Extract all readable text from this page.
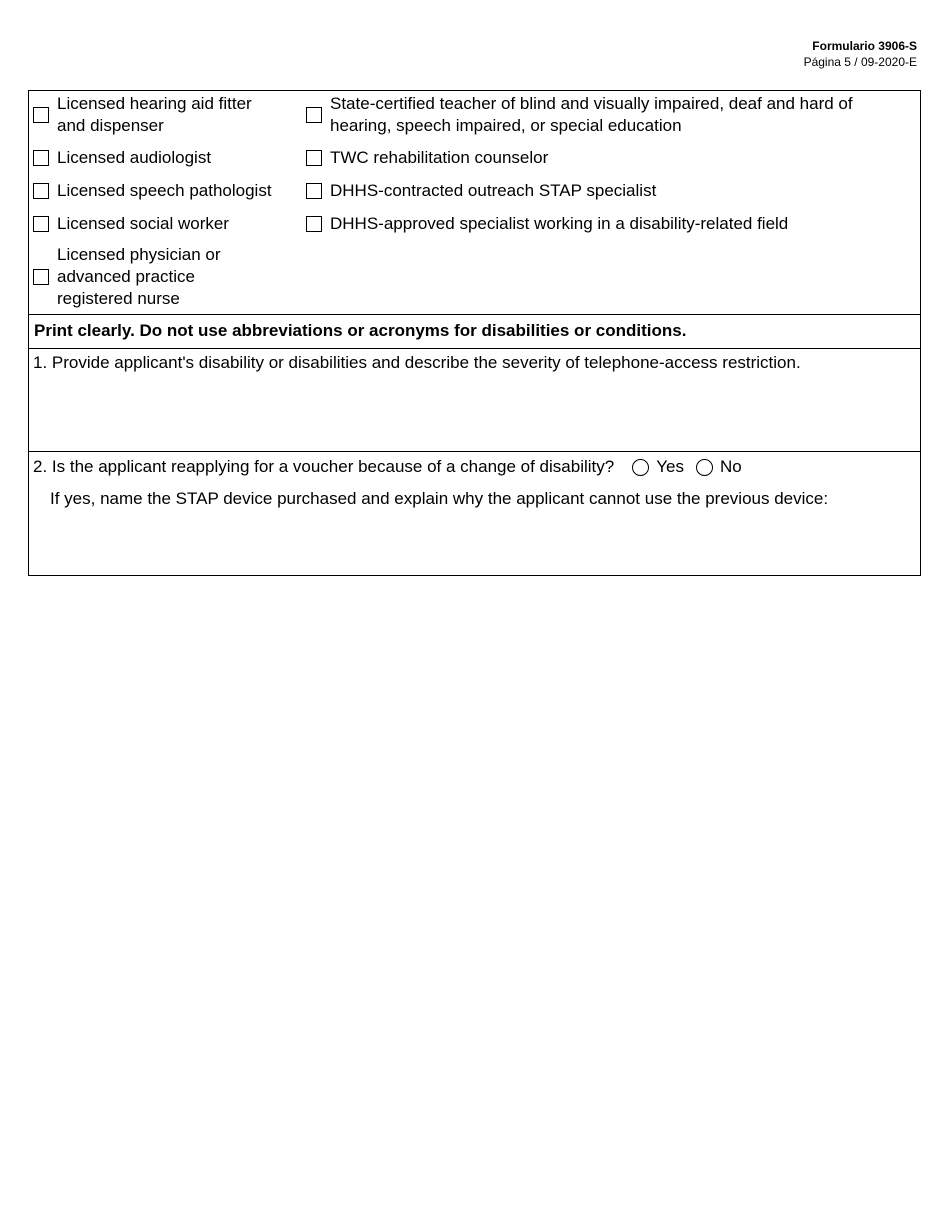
Formulario 3906-S
Página 5 / 09-2020-E
Licensed hearing aid fitter
and dispenser
Licensed audiologist
Licensed speech pathologist
Licensed social worker
Licensed physician or
advanced practice
registered nurse
State-certified teacher of blind and visually impaired, deaf and hard of
hearing, speech impaired, or special education
TWC rehabilitation counselor
DHHS-contracted outreach STAP specialist
DHHS-approved specialist working in a disability-related field
Print clearly. Do not use abbreviations or acronyms for disabilities or conditions.
1. Provide applicant's disability or disabilities and describe the severity of telephone-access restriction.
2. Is the applicant reapplying for a voucher because of a change of disability? Yes No
If yes, name the STAP device purchased and explain why the applicant cannot use the previous device:
